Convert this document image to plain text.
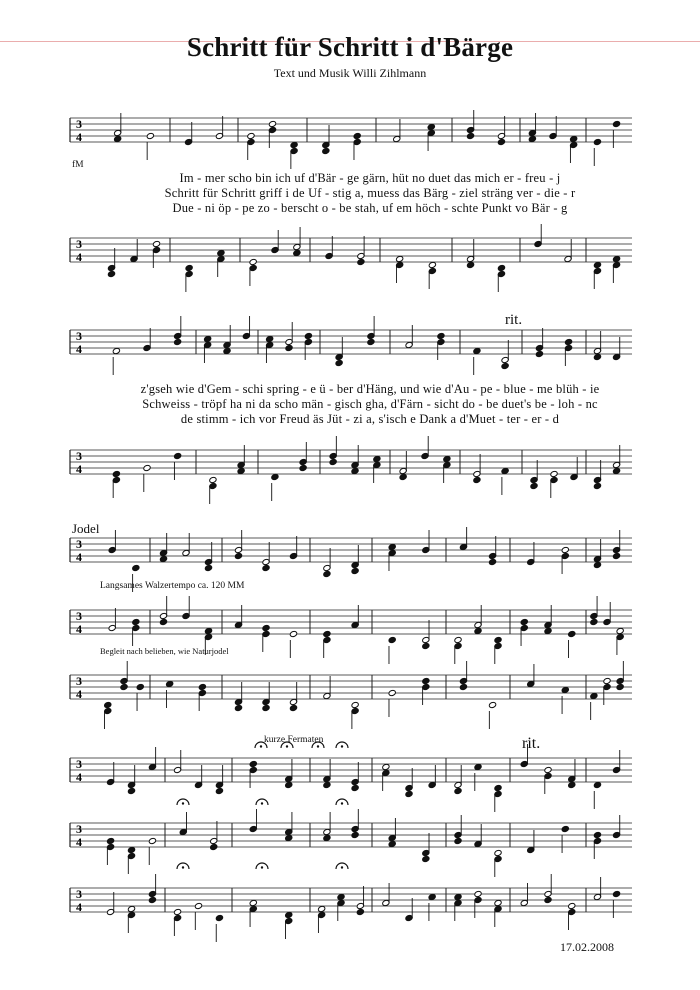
3
4
3
4
3
4
3
4
3
4
3
4
3
4
3
4
3
4
3
4
Schritt für Schritt i d'Bärge
Text und Musik Willi Zihlmann
fM
Im - mer scho bin ich uf d'Bär - ge gärn, hüt no duet das mich er - freu - j
Schritt für Schritt griff i de Uf - stig a, muess das Bärg - ziel sträng ver - die - r
Due - ni öp - pe zo - berscht o - be stah, uf em höch - schte Punkt vo Bär - g
rit.
z'gseh wie d'Gem - schi spring - e ü - ber d'Häng, und wie d'Au - pe - blue - me blüh - ie
Schweiss - tröpf ha ni da scho män - gisch gha, d'Färn - sicht do - be duet's be - loh - nc
de stimm - ich vor Freud äs Jüt - zi a, s'isch e Dank a d'Muet - ter - er - d
Jodel
Langsames Walzertempo ca. 120 MM
Begleit nach belieben, wie Naturjodel
kurze Fermaten	rit.
17.02.2008
